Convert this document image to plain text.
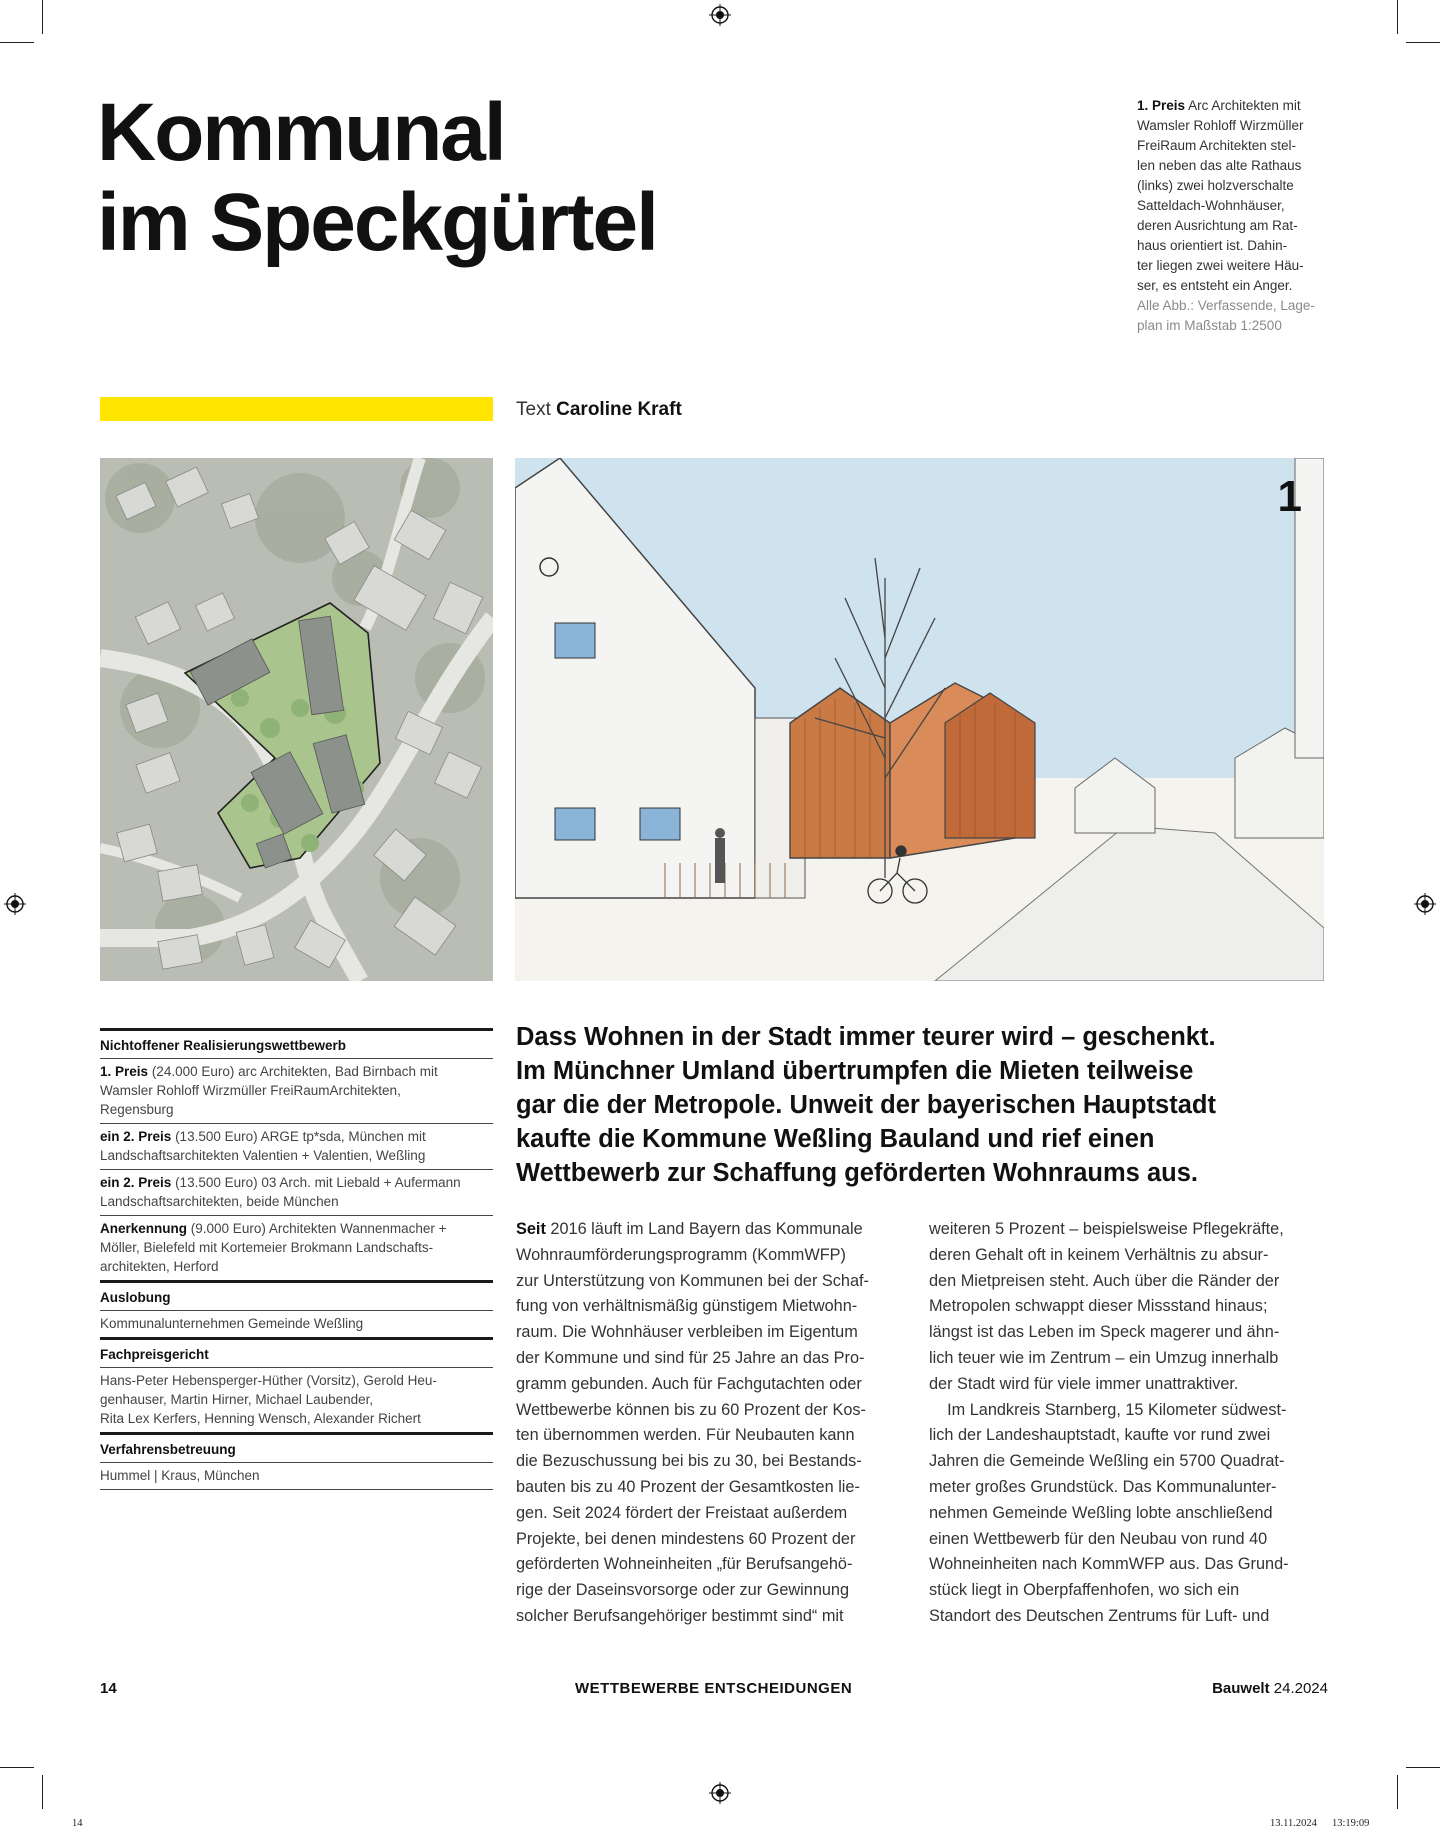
Kommunal
im Speckgürtel
1. Preis Arc Architekten mit
Wamsler Rohloff Wirzmüller
FreiRaum Architekten stel-
len neben das alte Rathaus
(links) zwei holzverschalte
Satteldach-Wohnhäuser,
deren Ausrichtung am Rat-
haus orientiert ist. Dahin-
ter liegen zwei weitere Häu-
ser, es entsteht ein Anger.
Alle Abb.: Verfassende, Lage-
plan im Maßstab 1:2500
Text Caroline Kraft
1
Nichtoffener Realisierungswettbewerb
1. Preis (24.000 Euro) arc Architekten, Bad Birnbach mit
Wamsler Rohloff Wirzmüller FreiRaumArchitekten,
Regensburg
ein 2. Preis (13.500 Euro) ARGE tp*sda, München mit
Landschaftsarchitekten Valentien + Valentien, Weßling
ein 2. Preis (13.500 Euro) 03 Arch. mit Liebald + Aufermann
Landschaftsarchitekten, beide München
Anerkennung (9.000 Euro) Architekten Wannenmacher +
Möller, Bielefeld mit Kortemeier Brokmann Landschafts-
architekten, Herford
Auslobung
Kommunalunternehmen Gemeinde Weßling
Fachpreisgericht
Hans-Peter Hebensperger-Hüther (Vorsitz), Gerold Heu-
genhauser, Martin Hirner, Michael Laubender,
Rita Lex Kerfers, Henning Wensch, Alexander Richert
Verfahrensbetreuung
Hummel | Kraus, München
Dass Wohnen in der Stadt immer teurer wird – geschenkt.
Im Münchner Umland übertrumpfen die Mieten teilweise
gar die der Metropole. Unweit der bayerischen Hauptstadt
kaufte die Kommune Weßling Bauland und rief einen
Wettbewerb zur Schaffung geförderten Wohnraums aus.
Seit 2016 läuft im Land Bayern das Kommunale
Wohnraumförderungsprogramm (KommWFP)
zur Unterstützung von Kommunen bei der Schaf-
fung von verhältnismäßig günstigem Mietwohn-
raum. Die Wohnhäuser verbleiben im Eigentum
der Kommune und sind für 25 Jahre an das Pro-
gramm gebunden. Auch für Fachgutachten oder
Wettbewerbe können bis zu 60 Prozent der Kos-
ten übernommen werden. Für Neubauten kann
die Bezuschussung bei bis zu 30, bei Bestands-
bauten bis zu 40 Prozent der Gesamtkosten lie-
gen. Seit 2024 fördert der Freistaat außerdem
Projekte, bei denen mindestens 60 Prozent der
geförderten Wohneinheiten „für Berufsangehö-
rige der Daseinsvorsorge oder zur Gewinnung
solcher Berufsangehöriger bestimmt sind“ mit
weiteren 5 Prozent – beispielsweise Pflegekräfte,
deren Gehalt oft in keinem Verhältnis zu absur-
den Mietpreisen steht. Auch über die Ränder der
Metropolen schwappt dieser Missstand hinaus;
längst ist das Leben im Speck magerer und ähn-
lich teuer wie im Zentrum – ein Umzug innerhalb
der Stadt wird für viele immer unattraktiver.
Im Landkreis Starnberg, 15 Kilometer südwest-
lich der Landeshauptstadt, kaufte vor rund zwei
Jahren die Gemeinde Weßling ein 5700 Quadrat-
meter großes Grundstück. Das Kommunalunter-
nehmen Gemeinde Weßling lobte anschließend
einen Wettbewerb für den Neubau von rund 40
Wohneinheiten nach KommWFP aus. Das Grund-
stück liegt in Oberpfaffenhofen, wo sich ein
Standort des Deutschen Zentrums für Luft- und
14	WETTBEWERBE ENTSCHEIDUNGEN	Bauwelt 24.2024
14	13.11.2024 13:19:09
